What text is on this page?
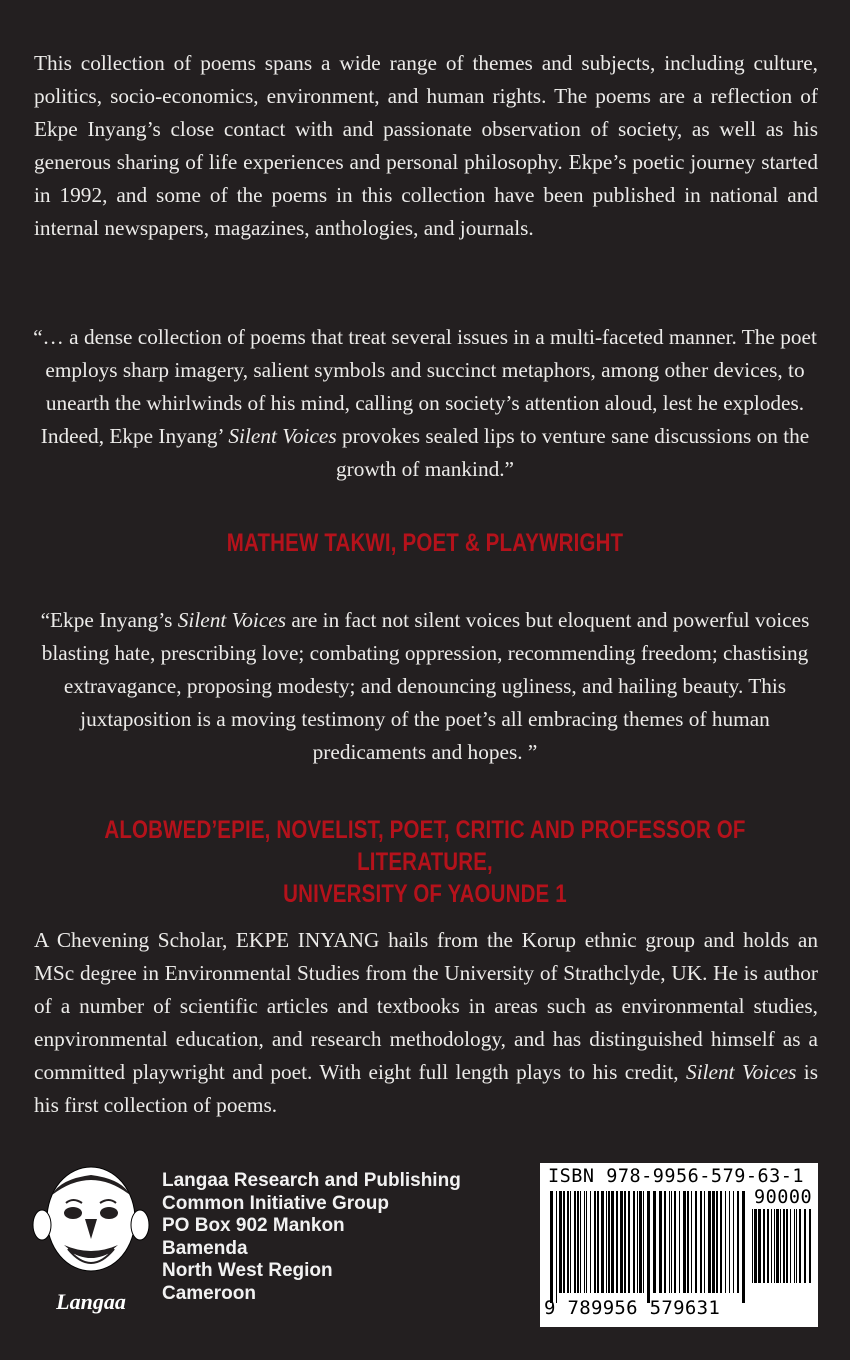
This collection of poems spans a wide range of themes and subjects, including culture, politics, socio-economics, environment, and human rights. The poems are a reflection of Ekpe Inyang’s close contact with and passionate observation of society, as well as his generous sharing of life experiences and personal philosophy. Ekpe’s poetic journey started in 1992, and some of the poems in this collection have been published in national and internal newspapers, magazines, anthologies, and journals.

“… a dense collection of poems that treat several issues in a multi-faceted manner. The poet employs sharp imagery, salient symbols and succinct metaphors, among other devices, to unearth the whirlwinds of his mind, calling on society’s attention aloud, lest he explodes. Indeed, Ekpe Inyang’ Silent Voices provokes sealed lips to venture sane discussions on the growth of mankind.”

MATHEW TAKWI, POET & PLAYWRIGHT

“Ekpe Inyang’s Silent Voices are in fact not silent voices but eloquent and powerful voices blasting hate, prescribing love; combating oppression, recommending freedom; chastising extravagance, proposing modesty; and denouncing ugliness, and hailing beauty. This juxtaposition is a moving testimony of the poet’s all embracing themes of human predicaments and hopes. ”

ALOBWED’EPIE, NOVELIST, POET, CRITIC AND PROFESSOR OF LITERATURE,
UNIVERSITY OF YAOUNDE 1

A Chevening Scholar, EKPE INYANG hails from the Korup ethnic group and holds an MSc degree in Environmental Studies from the University of Strathclyde, UK. He is author of a number of scientific articles and textbooks in areas such as environmental studies, enpvironmental education, and research methodology, and has distinguished himself as a committed playwright and poet. With eight full length plays to his credit, Silent Voices is his first collection of poems.

Langaa
Langaa Research and Publishing
Common Initiative Group
PO Box 902 Mankon
Bamenda
North West Region
Cameroon
ISBN 978-9956-579-63-1
90000
9 789956 579631
